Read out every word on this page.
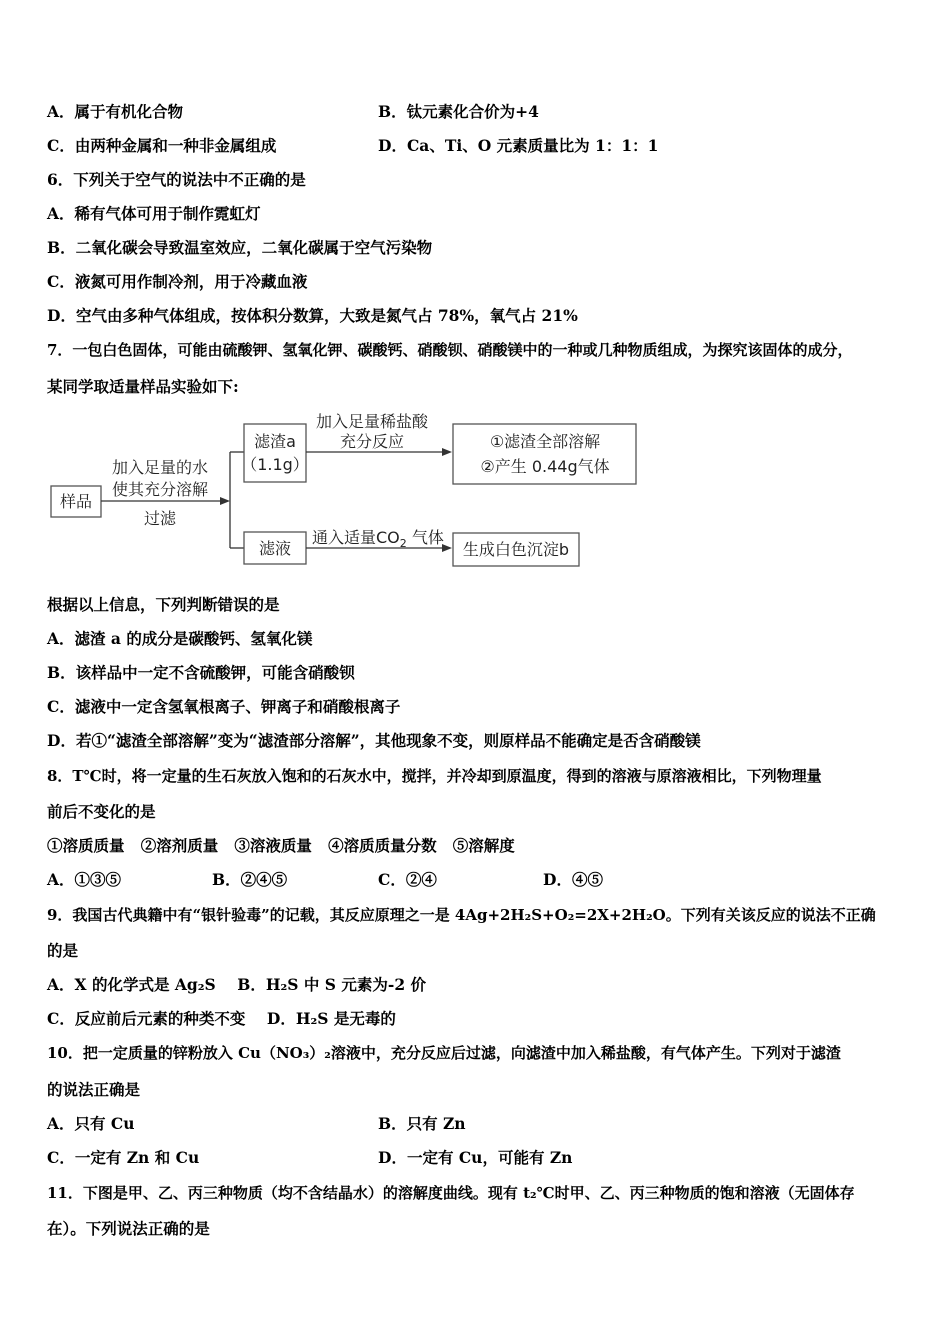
A．属于有机化合物	B．钛元素化合价为+4
C．由两种金属和一种非金属组成	D．Ca、Ti、O 元素质量比为 1：1：1
6．下列关于空气的说法中不正确的是
A．稀有气体可用于制作霓虹灯
B．二氧化碳会导致温室效应，二氧化碳属于空气污染物
C．液氮可用作制冷剂，用于冷藏血液
D．空气由多种气体组成，按体积分数算，大致是氮气占 78%，氧气占 21%
7．一包白色固体，可能由硫酸钾、氢氧化钾、碳酸钙、硝酸钡、硝酸镁中的一种或几种物质组成，为探究该固体的成分，
某同学取适量样品实验如下:
样品
加入足量的水
使其充分溶解
过滤
滤渣a
（1.1g）
加入足量稀盐酸
充分反应	①滤渣全部溶解
②产生 0.44g气体
滤液
通入适量$CO_2$ 气体
生成白色沉淀b
根据以上信息，下列判断错误的是
A．滤渣 a 的成分是碳酸钙、氢氧化镁
B．该样品中一定不含硫酸钾，可能含硝酸钡
C．滤液中一定含氢氧根离子、钾离子和硝酸根离子
D．若①“滤渣全部溶解”变为“滤渣部分溶解”，其他现象不变，则原样品不能确定是否含硝酸镁
8．T℃时，将一定量的生石灰放入饱和的石灰水中，搅拌，并冷却到原温度，得到的溶液与原溶液相比，下列物理量
前后不变化的是
①溶质质量   ②溶剂质量   ③溶液质量   ④溶质质量分数   ⑤溶解度
A．①③⑤	B．②④⑤	C．②④	D．④⑤
9．我国古代典籍中有“银针验毒”的记载，其反应原理之一是 4Ag+2H₂S+O₂=2X+2H₂O。下列有关该反应的说法不正确
的是
A．X 的化学式是 Ag₂S    B．H₂S 中 S 元素为-2 价
C．反应前后元素的种类不变    D．H₂S 是无毒的
10．把一定质量的锌粉放入 Cu（NO₃）₂溶液中，充分反应后过滤，向滤渣中加入稀盐酸，有气体产生。下列对于滤渣
的说法正确是
A．只有 Cu	B．只有 Zn
C．一定有 Zn 和 Cu	D．一定有 Cu，可能有 Zn
11．下图是甲、乙、丙三种物质（均不含结晶水）的溶解度曲线。现有 t₂℃时甲、乙、丙三种物质的饱和溶液（无固体存
在）。下列说法正确的是
